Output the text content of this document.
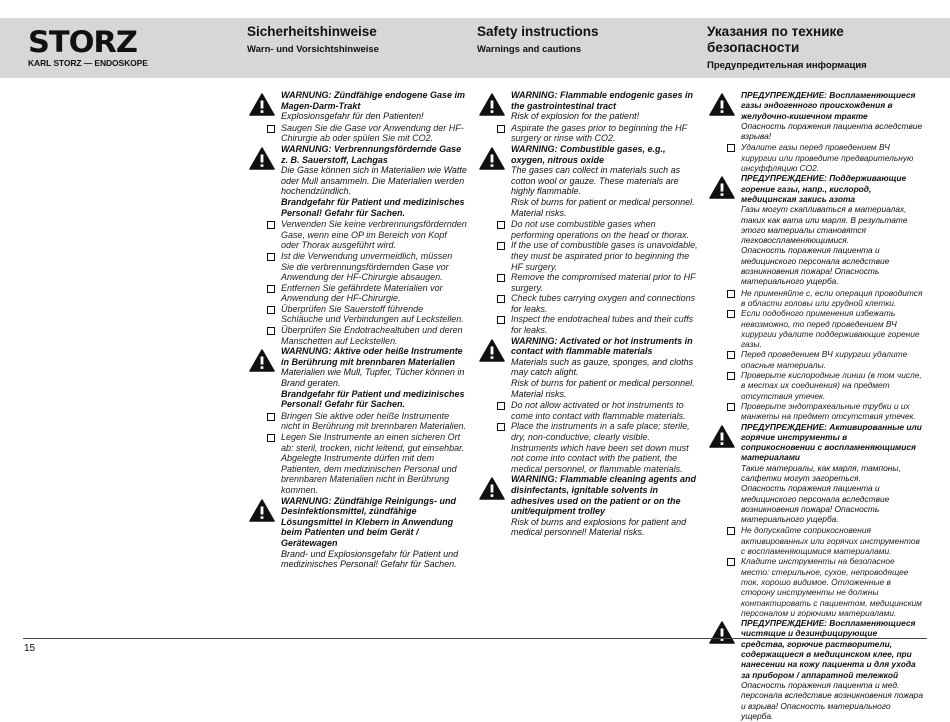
STORZ
KARL STORZ — ENDOSKOPE
Sicherheitshinweise
Warn- und Vorsichtshinweise
Safety instructions
Warnings and cautions
Указания по технике безопасности
Предупредительная информация
WARNUNG: Zündfähige endogene Gase im Magen-Darm-Trakt
Explosionsgefahr für den Patienten!
Saugen Sie die Gase vor Anwendung der HF-Chirurgie ab oder spülen Sie mit CO2.
WARNUNG: Verbrennungsfördernde Gase z. B. Sauerstoff, Lachgas
Die Gase können sich in Materialien wie Watte oder Mull ansammeln. Die Materialien werden hochendzündlich.
Brandgefahr für Patient und medizinisches Personal! Gefahr für Sachen.
Verwenden Sie keine verbrennungsfördernden Gase, wenn eine OP im Bereich von Kopf oder Thorax ausgeführt wird.
Ist die Verwendung unvermeidlich, müssen Sie die verbrennungsfördernden Gase vor Anwendung der HF-Chirurgie absaugen.
Entfernen Sie gefährdete Materialien vor Anwendung der HF-Chirurgie.
Überprüfen Sie Sauerstoff führende Schläuche und Verbindungen auf Leckstellen.
Überprüfen Sie Endotrachealtuben und deren Manschetten auf Leckstellen.
WARNUNG: Aktive oder heiße Instrumente in Berührung mit brennbaren Materialien
Materialien wie Mull, Tupfer, Tücher können in Brand geraten.
Brandgefahr für Patient und medizinisches Personal! Gefahr für Sachen.
Bringen Sie aktive oder heiße Instrumente nicht in Berührung mit brennbaren Materialien.
Legen Sie Instrumente an einen sicheren Ort ab: steril, trocken, nicht leitend, gut einsehbar. Abgelegte Instrumente dürfen mit dem Patienten, dem medizinischen Personal und brennbaren Materialien nicht in Berührung kommen.
WARNUNG: Zündfähige Reinigungs- und Desinfektionsmittel, zündfähige Lösungsmittel in Klebern in Anwendung beim Patienten und beim Gerät / Gerätewagen
Brand- und Explosionsgefahr für Patient und medizinisches Personal! Gefahr für Sachen.
WARNING: Flammable endogenic gases in the gastrointestinal tract
Risk of explosion for the patient!
Aspirate the gases prior to beginning the HF surgery or rinse with CO2.
WARNING: Combustible gases, e.g., oxygen, nitrous oxide
The gases can collect in materials such as cotton wool or gauze. These materials are highly flammable.
Risk of burns for patient or medical personnel. Material risks.
Do not use combustible gases when performing operations on the head or thorax.
If the use of combustible gases is unavoidable, they must be aspirated prior to beginning the HF surgery.
Remove the compromised material prior to HF surgery.
Check tubes carrying oxygen and connections for leaks.
Inspect the endotracheal tubes and their cuffs for leaks.
WARNING: Activated or hot instruments in contact with flammable materials
Materials such as gauze, sponges, and cloths may catch alight.
Risk of burns for patient or medical personnel. Material risks.
Do not allow activated or hot instruments to come into contact with flammable materials.
Place the instruments in a safe place; sterile, dry, non-conductive, clearly visible. Instruments which have been set down must not come into contact with the patient, the medical personnel, or flammable materials.
WARNING: Flammable cleaning agents and disinfectants, ignitable solvents in adhesives used on the patient or on the unit/equipment trolley
Risk of burns and explosions for patient and medical personnel! Material risks.
ПРЕДУПРЕЖДЕНИЕ: Воспламеняющиеся газы эндогенного происхождения в желудочно-кишечном тракте
Опасность поражения пациента вследствие взрыва!
Удалите газы перед проведением ВЧ хирургии или проведите предварительную инсуффляцию CO2.
ПРЕДУПРЕЖДЕНИЕ: Поддерживающие горение газы, напр., кислород, медицинская закись азота
Газы могут скапливаться в материалах, таких как вата или марля. В результате этого материалы становятся легковоспламеняющимися.
Опасность поражения пациента и медицинского персонала вследствие возникновения пожара! Опасность материального ущерба.
Не применяйте с, если операция проводится в области головы или грудной клетки.
Если подобного применения избежать невозможно, то перед проведением ВЧ хирургии удалите поддерживающие горение газы.
Перед проведением ВЧ хирургии удалите опасные материалы.
Проверьте кислородные линии (в том числе, в местах их соединения) на предмет отсутствия утечек.
Проверьте эндотрахеальные трубки и их манжеты на предмет отсутствия утечек.
ПРЕДУПРЕЖДЕНИЕ: Активированные или горячие инструменты в соприкосновении с воспламеняющимися материалами
Такие материалы, как марля, тампоны, салфетки могут загореться.
Опасность поражения пациента и медицинского персонала вследствие возникновения пожара! Опасность материального ущерба.
Не допускайте соприкосновения активированных или горячих инструментов с воспламеняющимися материалами.
Кладите инструменты на безопасное место: стерильное, сухое, непроводящее ток, хорошо видимое. Отложенные в сторону инструменты не должны контактировать с пациентом, медицинским персоналом и горючими материалами.
ПРЕДУПРЕЖДЕНИЕ: Воспламеняющиеся чистящие и дезинфицирующие средства, горючие растворители, содержащиеся в медицинском клее, при нанесении на кожу пациента и для ухода за прибором / аппаратной тележкой
Опасность поражения пациента и мед. персонала вследствие возникновения пожара и взрыва! Опасность материального ущерба.
15
